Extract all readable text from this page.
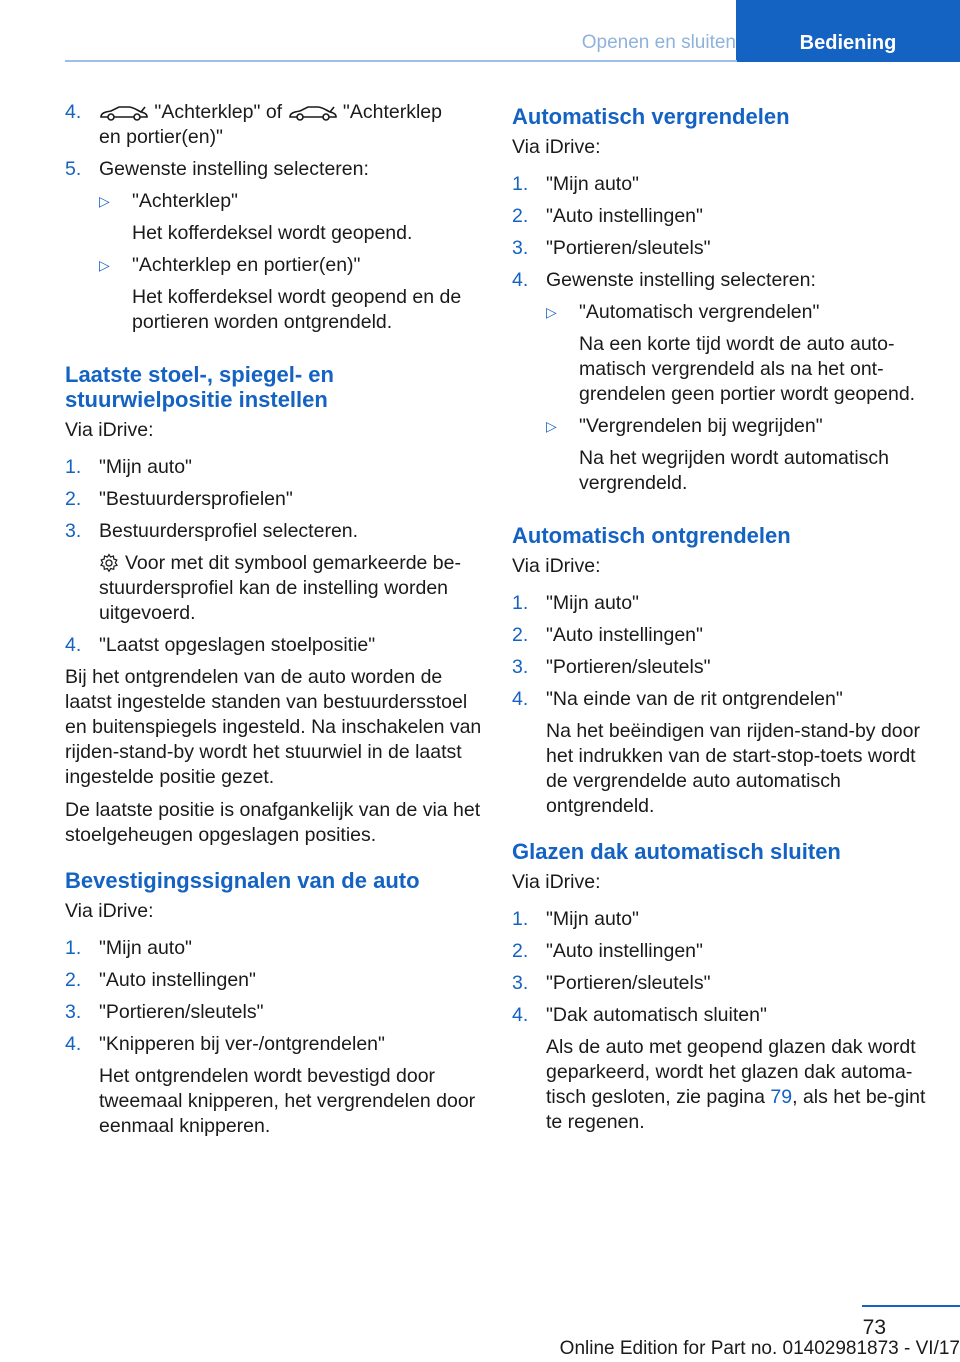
Openen en sluiten	Bediening
4.	"Achterklep" of	"Achterklep
en portier(en)"
5. Gewenste instelling selecteren:
▷	"Achterklep"
Het kofferdeksel wordt geopend.
▷	"Achterklep en portier(en)"
Het kofferdeksel wordt geopend en de portieren worden ontgrendeld.
Laatste stoel-, spiegel- en stuurwielpositie instellen
Via iDrive:
1. "Mijn auto"
2. "Bestuurdersprofielen"
3. Bestuurdersprofiel selecteren.
Voor met dit symbool gemarkeerde be-stuurdersprofiel kan de instelling worden uitgevoerd.
4. "Laatst opgeslagen stoelpositie"

Bij het ontgrendelen van de auto worden de laatst ingestelde standen van bestuurdersstoel en buitenspiegels ingesteld. Na inschakelen van rijden-stand-by wordt het stuurwiel in de laatst ingestelde positie gezet.

De laatste positie is onafgankelijk van de via het stoelgeheugen opgeslagen posities.

Bevestigingssignalen van de auto
Via iDrive:
1. "Mijn auto"
2. "Auto instellingen"
3. "Portieren/sleutels"
4. "Knipperen bij ver-/ontgrendelen"
Het ontgrendelen wordt bevestigd door tweemaal knipperen, het vergrendelen door eenmaal knipperen.
Automatisch vergrendelen
Via iDrive:
1. "Mijn auto"
2. "Auto instellingen"
3. "Portieren/sleutels"
4. Gewenste instelling selecteren:
▷	"Automatisch vergrendelen"
Na een korte tijd wordt de auto auto-matisch vergrendeld als na het ont-grendelen geen portier wordt geopend.
▷	"Vergrendelen bij wegrijden"
Na het wegrijden wordt automatisch vergrendeld.
Automatisch ontgrendelen
Via iDrive:
1. "Mijn auto"
2. "Auto instellingen"
3. "Portieren/sleutels"
4. "Na einde van de rit ontgrendelen"
Na het beëindigen van rijden-stand-by door het indrukken van de start-stop-toets wordt de vergrendelde auto automatisch ontgrendeld.
Glazen dak automatisch sluiten
Via iDrive:
1. "Mijn auto"
2. "Auto instellingen"
3. "Portieren/sleutels"
4. "Dak automatisch sluiten"
Als de auto met geopend glazen dak wordt geparkeerd, wordt het glazen dak automa-tisch gesloten, zie pagina 79, als het be-gint te regenen.
73
Online Edition for Part no. 01402981873 - VI/17
